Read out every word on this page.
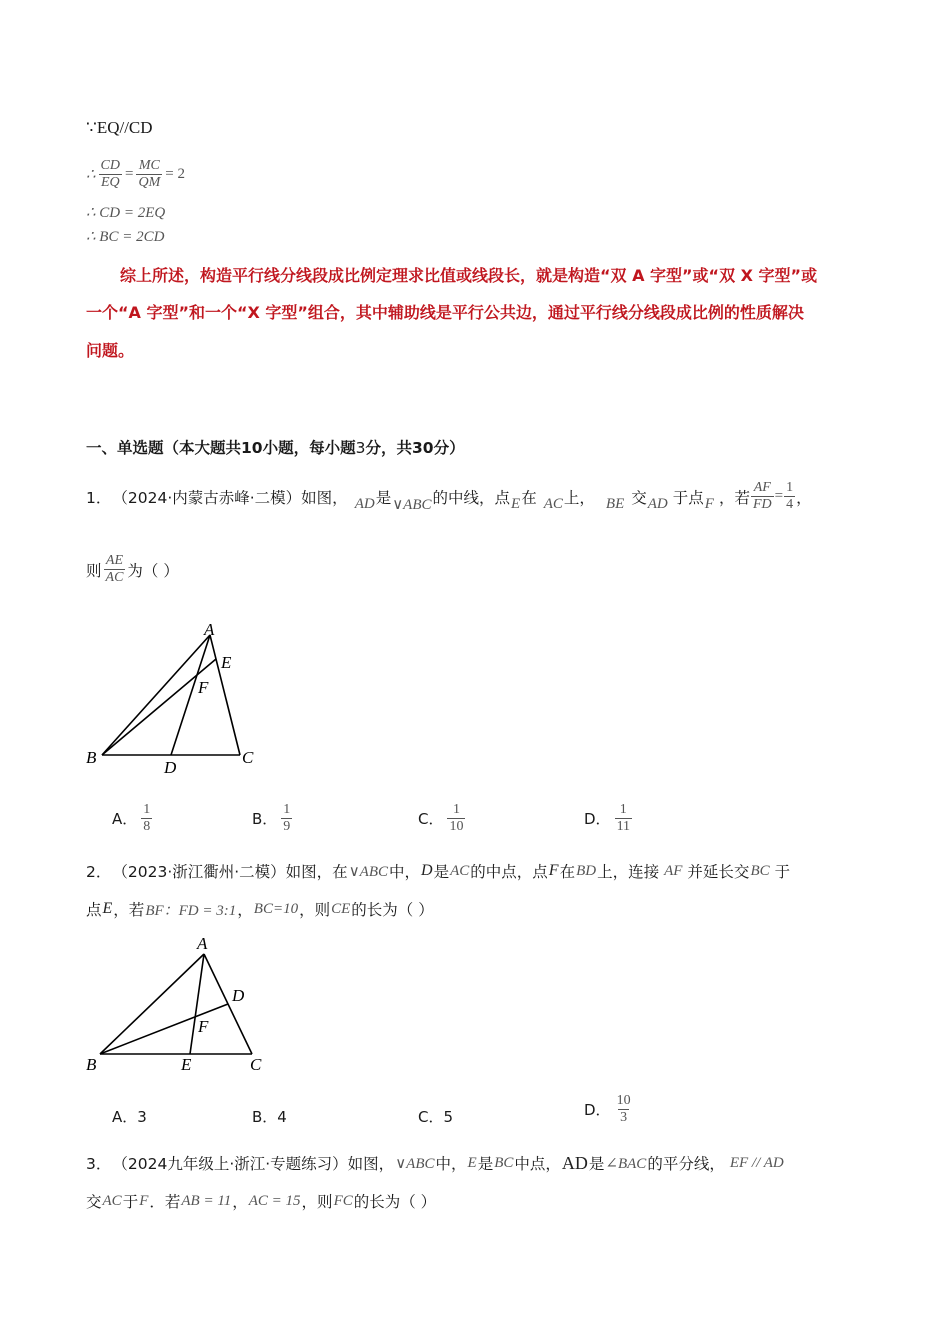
∵EQ//CD
∴ $\frac{CD}{EQ} = \frac{MC}{QM} = 2$
∴ CD = 2EQ
∴ BC = 2CD
综上所述，构造平行线分线段成比例定理求比值或线段长，就是构造“双 A 字型”或“双 X 字型”或
一个“A 字型”和一个“X 字型”组合，其中辅助线是平行公共边，通过平行线分线段成比例的性质解决
问题。
一、单选题（本大题共10小题，每小题3分，共30分）
1． （2024·内蒙古赤峰·二模）如图， AD 是 ∨ABC 的中线，点 E 在 AC 上， BE 交 AD 于点 F ，若 $\frac{AF}{FD} = \frac{1}{4}$ ，
则 $\frac{AE}{AC}$ 为（ ）
A
E
F
B
D
C
A． $\frac{1}{8}$	B． $\frac{1}{9}$	C． $\frac{1}{10}$	D． $\frac{1}{11}$
2． （2023·浙江衢州·二模）如图，在 ∨ABC 中， D 是 AC 的中点，点 F 在 BD 上，连接 AF 并延长交 BC 于
点 E ，若 BF：FD = 3:1 ， BC=10 ，则 CE 的长为（ ）
A
D
F
B	E	C
A．3	B．4	C．5	D． $\frac{10}{3}$
3． （2024九年级上·浙江·专题练习）如图， ∨ABC 中， E 是 BC 中点， AD 是 ∠BAC 的平分线， EF // AD
交 AC 于 F ．若 AB = 11 ， AC = 15 ，则 FC 的长为（ ）
